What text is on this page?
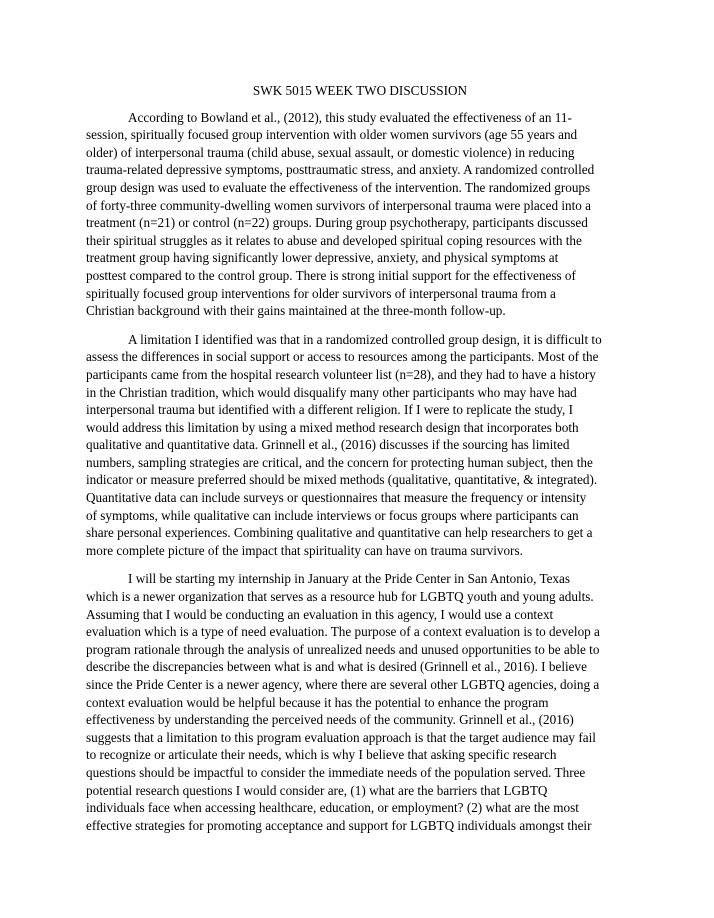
SWK 5015 WEEK TWO DISCUSSION
According to Bowland et al., (2012), this study evaluated the effectiveness of an 11-
session, spiritually focused group intervention with older women survivors (age 55 years and
older) of interpersonal trauma (child abuse, sexual assault, or domestic violence) in reducing
trauma-related depressive symptoms, posttraumatic stress, and anxiety. A randomized controlled
group design was used to evaluate the effectiveness of the intervention. The randomized groups
of forty-three community-dwelling women survivors of interpersonal trauma were placed into a
treatment (n=21) or control (n=22) groups. During group psychotherapy, participants discussed
their spiritual struggles as it relates to abuse and developed spiritual coping resources with the
treatment group having significantly lower depressive, anxiety, and physical symptoms at
posttest compared to the control group. There is strong initial support for the effectiveness of
spiritually focused group interventions for older survivors of interpersonal trauma from a
Christian background with their gains maintained at the three-month follow-up.
A limitation I identified was that in a randomized controlled group design, it is difficult to
assess the differences in social support or access to resources among the participants. Most of the
participants came from the hospital research volunteer list (n=28), and they had to have a history
in the Christian tradition, which would disqualify many other participants who may have had
interpersonal trauma but identified with a different religion. If I were to replicate the study, I
would address this limitation by using a mixed method research design that incorporates both
qualitative and quantitative data. Grinnell et al., (2016) discusses if the sourcing has limited
numbers, sampling strategies are critical, and the concern for protecting human subject, then the
indicator or measure preferred should be mixed methods (qualitative, quantitative, & integrated).
Quantitative data can include surveys or questionnaires that measure the frequency or intensity
of symptoms, while qualitative can include interviews or focus groups where participants can
share personal experiences. Combining qualitative and quantitative can help researchers to get a
more complete picture of the impact that spirituality can have on trauma survivors.
I will be starting my internship in January at the Pride Center in San Antonio, Texas
which is a newer organization that serves as a resource hub for LGBTQ youth and young adults.
Assuming that I would be conducting an evaluation in this agency, I would use a context
evaluation which is a type of need evaluation. The purpose of a context evaluation is to develop a
program rationale through the analysis of unrealized needs and unused opportunities to be able to
describe the discrepancies between what is and what is desired (Grinnell et al., 2016). I believe
since the Pride Center is a newer agency, where there are several other LGBTQ agencies, doing a
context evaluation would be helpful because it has the potential to enhance the program
effectiveness by understanding the perceived needs of the community. Grinnell et al., (2016)
suggests that a limitation to this program evaluation approach is that the target audience may fail
to recognize or articulate their needs, which is why I believe that asking specific research
questions should be impactful to consider the immediate needs of the population served. Three
potential research questions I would consider are, (1) what are the barriers that LGBTQ
individuals face when accessing healthcare, education, or employment? (2) what are the most
effective strategies for promoting acceptance and support for LGBTQ individuals amongst their
